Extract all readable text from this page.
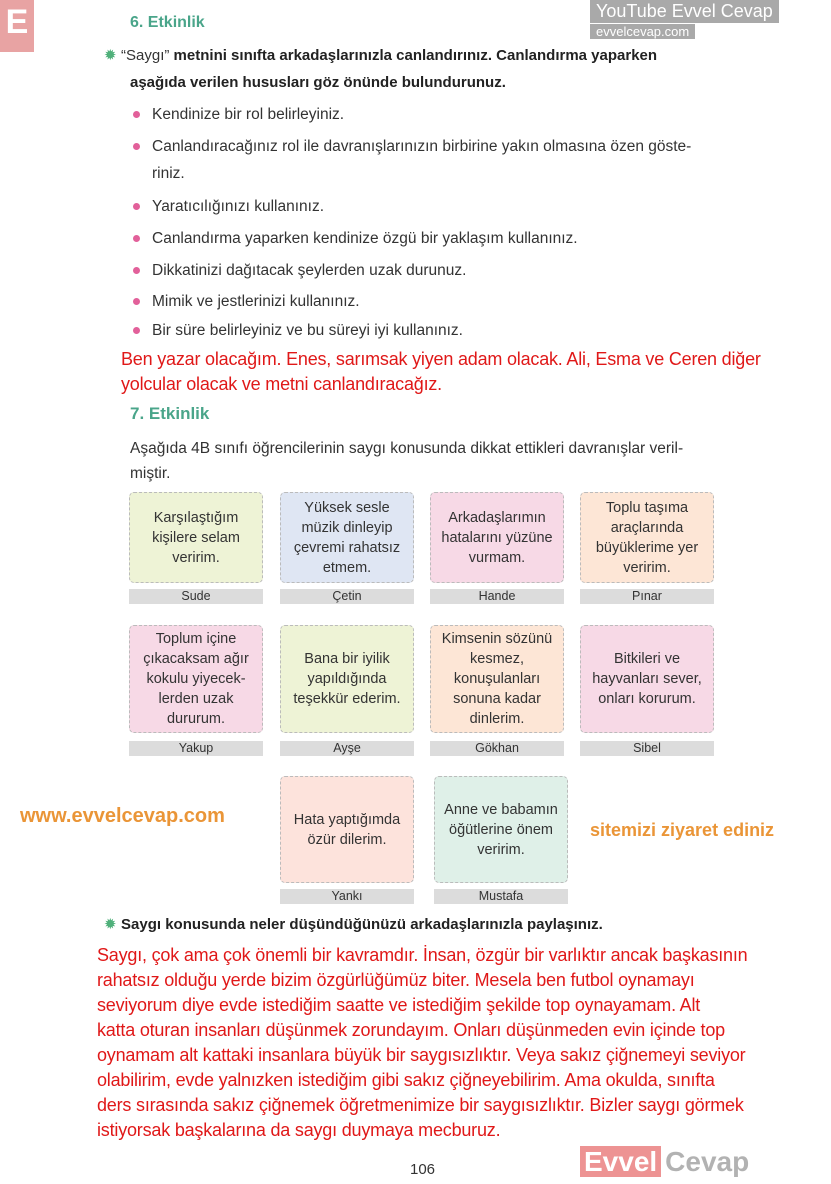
6. Etkinlik
✹ “Saygı” metnini sınıfta arkadaşlarınızla canlandırınız. Canlandırma yaparken
aşağıda verilen hususları göz önünde bulundurunuz.
Kendinize bir rol belirleyiniz.
Canlandıracağınız rol ile davranışlarınızın birbirine yakın olmasına özen göste-
riniz.
Yaratıcılığınızı kullanınız.
Canlandırma yaparken kendinize özgü bir yaklaşım kullanınız.
Dikkatinizi dağıtacak şeylerden uzak durunuz.
Mimik ve jestlerinizi kullanınız.
Bir süre belirleyiniz ve bu süreyi iyi kullanınız.
Ben yazar olacağım. Enes, sarımsak yiyen adam olacak. Ali, Esma ve Ceren diğer
yolcular olacak ve metni canlandıracağız.
7. Etkinlik
Aşağıda 4B sınıfı öğrencilerinin saygı konusunda dikkat ettikleri davranışlar veril-
miştir.
Karşılaştığım kişilere selam veririm.
Sude
Yüksek sesle müzik dinleyip çevremi rahatsız etmem.
Çetin
Arkadaşlarımın hatalarını yüzüne vurmam.
Hande
Toplu taşıma araçlarında büyüklerime yer veririm.
Pınar
Toplum içine çıkacaksam ağır kokulu yiyecek-lerden uzak dururum.
Yakup
Bana bir iyilik yapıldığında teşekkür ederim.
Ayşe
Kimsenin sözünü kesmez, konuşulanları sonuna kadar dinlerim.
Gökhan
Bitkileri ve hayvanları sever, onları korurum.
Sibel
Hata yaptığımda özür dilerim.
Yankı
Anne ve babamın öğütlerine önem veririm.
Mustafa
www.evvelcevap.com
sitemizi ziyaret ediniz
✹ Saygı konusunda neler düşündüğünüzü arkadaşlarınızla paylaşınız.
Saygı, çok ama çok önemli bir kavramdır. İnsan, özgür bir varlıktır ancak başkasının
rahatsız olduğu yerde bizim özgürlüğümüz biter. Mesela ben futbol oynamayı
seviyorum diye evde istediğim saatte ve istediğim şekilde top oynayamam. Alt
katta oturan insanları düşünmek zorundayım. Onları düşünmeden evin içinde top
oynamam alt kattaki insanlara büyük bir saygısızlıktır. Veya sakız çiğnemeyi seviyor
olabilirim, evde yalnızken istediğim gibi sakız çiğneyebilirim. Ama okulda, sınıfta
ders sırasında sakız çiğnemek öğretmenimize bir saygısızlıktır. Bizler saygı görmek
istiyorsak başkalarına da saygı duymaya mecburuz.
Evvel Cevap
106
E	YouTube Evvel Cevap
evvelcevap.com
